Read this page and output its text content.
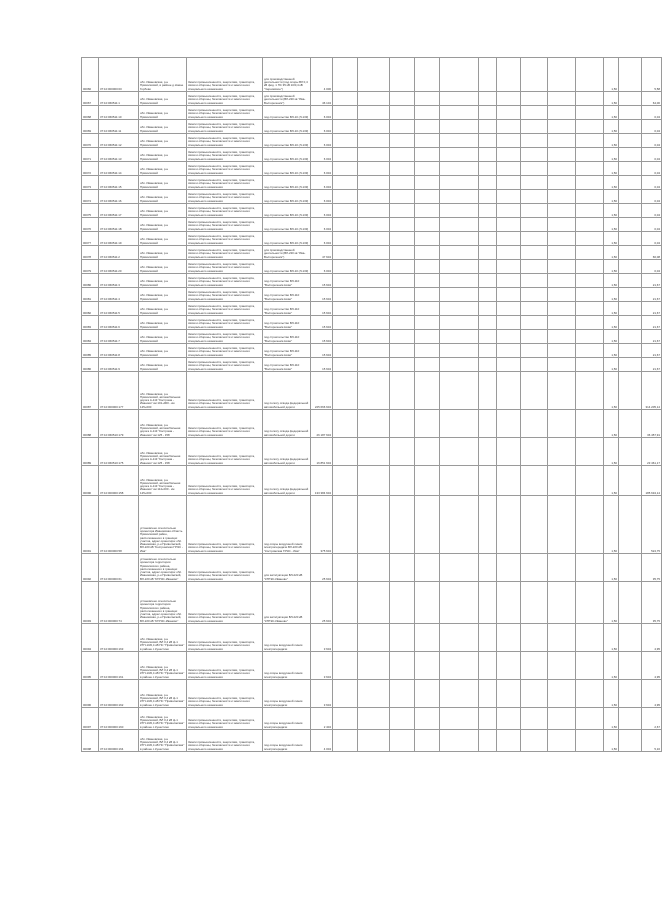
00066	37:10:000000:00	обл. Ивановская, р-н Приволжский, в районе д.Новое Горбово	Земли промышленности, энергетики, транспорта, связи и обороны, безопасности и земли иного специального назначения	для производственной деятельности (под опоры ВЛ 0,4 кВ фид. 1 ПС 35 кВ 10/0,4 кВ "Черновское")	4 000											1,50		5,58
00067	37:10:060511:1	обл. Ивановская, р-н Приволжский	Земли промышленности, энергетики, транспорта, связи и обороны, безопасности и земли иного специального назначения	для производственной деятельности (ВЛ-220 кв "Ива-Волгореченск")	46 104											1,50		64,00
00068	37:10:060511:10	обл. Ивановская, р-н Приволжский	Земли промышленности, энергетики, транспорта, связи и обороны, безопасности и земли иного специального назначения	под строительство ВЛ-10 (Л-133)	6 004											1,50		0,04
00069	37:10:060511:11	обл. Ивановская, р-н Приволжский	Земли промышленности, энергетики, транспорта, связи и обороны, безопасности и земли иного специального назначения	под строительство ВЛ-10 (Л-133)	6 004											1,50		0,04
00070	37:10:060511:12	обл. Ивановская, р-н Приволжский	Земли промышленности, энергетики, транспорта, связи и обороны, безопасности и земли иного специального назначения	под строительство ВЛ-10 (Л-133)	6 004											1,50		0,04
00071	37:10:060511:13	обл. Ивановская, р-н Приволжский	Земли промышленности, энергетики, транспорта, связи и обороны, безопасности и земли иного специального назначения	под строительство ВЛ-10 (Л-133)	6 004											1,50		0,04
00072	37:10:060511:14	обл. Ивановская, р-н Приволжский	Земли промышленности, энергетики, транспорта, связи и обороны, безопасности и земли иного специального назначения	под строительство ВЛ-10 (Л-133)	6 004											1,50		0,04
00073	37:10:060511:15	обл. Ивановская, р-н Приволжский	Земли промышленности, энергетики, транспорта, связи и обороны, безопасности и земли иного специального назначения	под строительство ВЛ-10 (Л-133)	6 004											1,50		0,04
00074	37:10:060511:16	обл. Ивановская, р-н Приволжский	Земли промышленности, энергетики, транспорта, связи и обороны, безопасности и земли иного специального назначения	под строительство ВЛ-10 (Л-133)	6 004											1,50		0,04
00075	37:10:060511:17	обл. Ивановская, р-н Приволжский	Земли промышленности, энергетики, транспорта, связи и обороны, безопасности и земли иного специального назначения	под строительство ВЛ-10 (Л-133)	6 004											1,50		0,04
00076	37:10:060511:18	обл. Ивановская, р-н Приволжский	Земли промышленности, энергетики, транспорта, связи и обороны, безопасности и земли иного специального назначения	под строительство ВЛ-10 (Л-133)	6 004											1,50		0,04
00077	37:10:060511:19	обл. Ивановская, р-н Приволжский	Земли промышленности, энергетики, транспорта, связи и обороны, безопасности и земли иного специального назначения	под строительство ВЛ-10 (Л-133)	6 004											1,50		0,04
00078	37:10:060511:2	обл. Ивановская, р-н Приволжский	Земли промышленности, энергетики, транспорта, связи и обороны, безопасности и земли иного специального назначения	для производственной деятельности (ВЛ-220 кв "Ива-Волгореченск")	47 604											1,50		66,08
00079	37:10:060511:20	обл. Ивановская, р-н Приволжский	Земли промышленности, энергетики, транспорта, связи и обороны, безопасности и земли иного специального назначения	под строительство ВЛ-10 (Л-133)	6 004											1,50		0,04
00080	37:10:060511:3	обл. Ивановская, р-н Приволжский	Земли промышленности, энергетики, транспорta, связи и обороны, безопасности и земли иного специального назначения	под строительство ВЛ-110 "Волгореченск-Ново"	15 604											1,50		21,67
00081	37:10:060511:4	обл. Ивановская, р-н Приволжский	Земли промышленности, энергетики, транспорта, связи и обороны, безопасности и земли иного специального назначения	под строительство ВЛ-110 "Волгореченск-Ново"	15 604											1,50		21,67
00082	37:10:060511:5	обл. Ивановская, р-н Приволжский	Земли промышленности, энергетики, транспорта, связи и обороны, безопасности и земли иного специального назначения	под строительство ВЛ-110 "Волгореченск-Ново"	15 604											1,50		21,67
00083	37:10:060511:6	обл. Ивановская, р-н Приволжский	Земли промышленности, энергетики, транспорта, связи и обороны, безопасности и земли иного специального назначения	под строительство ВЛ-110 "Волгореченск-Ново"	15 604											1,50		21,67
00084	37:10:060511:7	обл. Ивановская, р-н Приволжский	Земли промышленности, энергетики, транспорта, связи и обороны, безопасности и земли иного специального назначения	под строительство ВЛ-110 "Волгореченск-Ново"	15 604											1,50		21,67
00085	37:10:060511:8	обл. Ивановская, р-н Приволжский	Земли промышленности, энергетики, транспорта, связи и обороны, безопасности и земли иного специального назначения	под строительство ВЛ-110 "Волгореченск-Ново"	15 604											1,50		21,67
00086	37:10:060511:9	обл. Ивановская, р-н Приволжский	Земли промышленности, энергетики, транспорта, связи и обороны, безопасности и земли иного специального назначения	под строительство ВЛ-110 "Волгореченск-Ново"	15 604											1,50		21,67
00087	37:10:000000:177	обл. Ивановская, р-н Приволжский, автомобильная дорога А-113 "Кострома - Иваново" км 101+000 - км 125+000	Земли промышленности, энергетики, транспорта, связи и обороны, безопасности и земли иного специального назначения	под полосу отвода федеральной автомобильной дороги	225 666 604											1,50		314 205,14
00088	37:10:060510:179	обл. Ивановская, р-н Приволжский, автомобильная дорога А-113 "Кострома - Иваново" км 125 - 158	Земли промышленности, энергетики, транспорта, связи и обороны, безопасности и земли иного специального назначения	под полосу отвода федеральной автомобильной дороги	26 187 604											1,50		36 457,91
00089	37:10:060510:175	обл. Ивановская, р-н Приволжский, автомобильная дорога А-113 "Кострома - Иваново" км 125 - 158	Земли промышленности, энергетики, транспорта, связи и обороны, безопасности и земли иного специального назначения	под полосу отвода федеральной автомобильной дороги	16 851 604											1,50		23 461,17
00090	37:10:000000:158	обл. Ивановская, р-н Приволжский, автомобильная дорога А-113 "Кострома - Иваново" км 114+000 - км 125+000	Земли промышленности, энергетики, транспорта, связи и обороны, безопасности и земли иного специального назначения	под полосу отвода федеральной автомобильной дороги	133 384 604											1,50		185 634,14
00091	37:10:000000:58	установлено относительно ориентира Ивановская область Приволжский район, расположенного в границах участка, адрес ориентира: обл. Ивановская, р-н Приволжский, ВЛ-220 кВ "Костромская ГРЭС - Ива"	Земли промышленности, энергетики, транспорта, связи и обороны, безопасности и земли иного специального назначения	под опоры воздушной линии электропередачи ВЛ-220 кВ "Костромская ГРЭС - Ива"	375 604											1,50		524,75
00092	37:10:000000:61	установлено относительно ориентира территория Приволжского района, расположенного в границах участка, адрес ориентира: обл. Ивановская, р-н Приволжский, ВЛ-220 кВ "КГРЭС-Иваново"	Земли промышленности, энергетики, транспорта, связи и обороны, безопасности и земли иного специального назначения	для эксплуатации ВЛ-220 кВ "КГРЭС-Иваново"	25 604											1,50		35,75
00093	37:10:000000:74	установлено относительно ориентира территория Приволжского района, расположенного в границах участка, адрес ориентира: обл. Ивановская, р-н Приволжский, ВЛ-220 кВ "КГРЭС-Иваново"	Земли промышленности, энергетики, транспорта, связи и обороны, безопасности и земли иного специального назначения	для эксплуатации ВЛ-220 кВ "КГРЭС-Иваново"	25 604											1,50		35,75
00094	37:10:000000:163	обл. Ивановская, р-н Приволжский, ВЛ 0,4 кВ ф-1 КТП-10/0,4 кВ ПС "Приволжская" в районе с.Кунестино	Земли промышленности, энергетики, транспорта, связи и обороны, безопасности и земли иного специального назначения	под опоры воздушной линии электропередачи	3 604											1,50		4,95
00095	37:10:000000:161	обл. Ивановская, р-н Приволжский, ВЛ 0,4 кВ ф-1 КТП-10/0,4 кВ ПС "Приволжская" в районе с.Кунестино	Земли промышленности, энергетики, транспорта, связи и обороны, безопасности и земли иного специального назначения	под опоры воздушной линии электропередачи	3 604											1,50		4,95
00096	37:10:000000:162	обл. Ивановская, р-н Приволжский, ВЛ 0,4 кВ ф-1 КТП-10/0,4 кВ ПС "Приволжская" в районе с.Кунестино	Земли промышленности, энергетики, транспорта, связи и обороны, безопасности и земли иного специального назначения	под опоры воздушной линии электропередачи	3 604											1,50		4,95
00097	37:10:000000:160	обл. Ивановская, р-н Приволжский, ВЛ 0,4 кВ ф-1 КТП-10/0,4 кВ ПС "Приволжская" в районе с.Кунестино	Земли промышленности, энергетики, транспорта, связи и обороны, безопасности и земли иного специального назначения	под опоры воздушной линии электропередачи	2 404											1,50		2,67
00098	37:10:000000:164	обл. Ивановская, р-н Приволжский, ВЛ 0,4 кВ ф-1 КТП-10/0,4 кВ ПС "Приволжская" в районе с.Кунестино	Земли промышленности, энергетики, транспорта, связи и обороны, безопасности и земли иного специального назначения	под опоры воздушной линии электропередачи	4 004											1,50		5,16
